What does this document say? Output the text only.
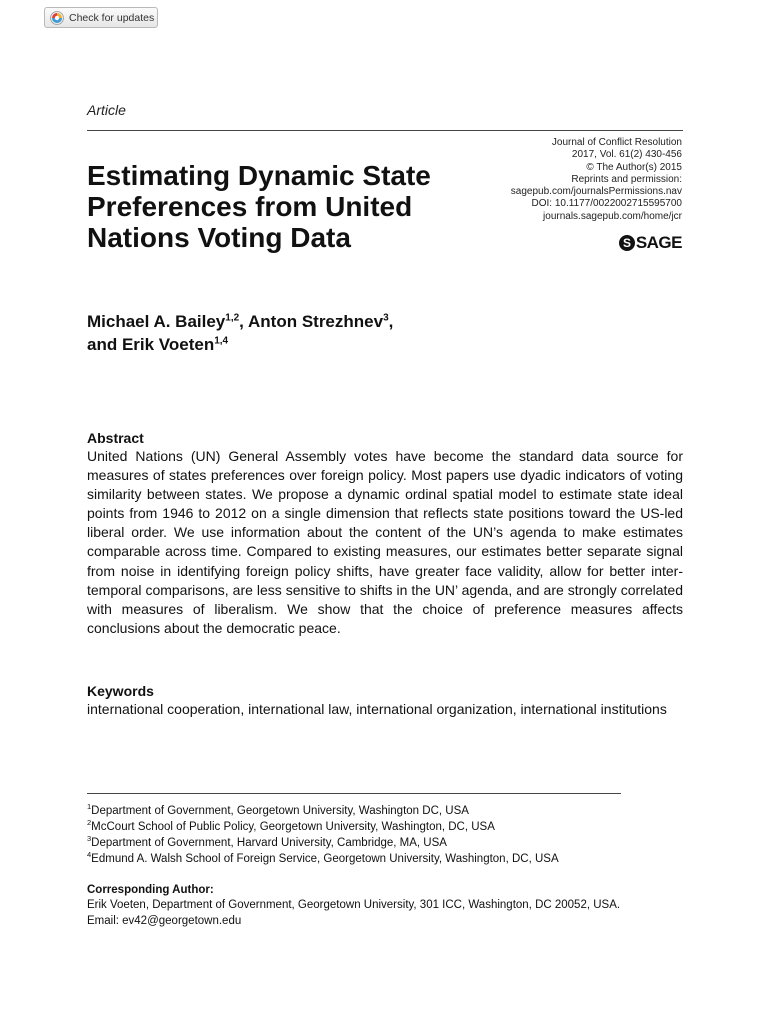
Check for updates
Article
Estimating Dynamic State Preferences from United Nations Voting Data
Journal of Conflict Resolution
2017, Vol. 61(2) 430-456
© The Author(s) 2015
Reprints and permission:
sagepub.com/journalsPermissions.nav
DOI: 10.1177/0022002715595700
journals.sagepub.com/home/jcr
S SAGE

Michael A. Bailey$^{1,2}$, Anton Strezhnev$^3$,
and Erik Voeten$^{1,4}$

Abstract

United Nations (UN) General Assembly votes have become the standard data source for measures of states preferences over foreign policy. Most papers use dyadic indicators of voting similarity between states. We propose a dynamic ordinal spatial model to estimate state ideal points from 1946 to 2012 on a single dimension that reflects state positions toward the US-led liberal order. We use information about the content of the UN’s agenda to make estimates comparable across time. Compared to existing measures, our estimates better separate signal from noise in identifying foreign policy shifts, have greater face validity, allow for better inter-temporal comparisons, are less sensitive to shifts in the UN’ agenda, and are strongly correlated with measures of liberalism. We show that the choice of preference measures affects conclusions about the democratic peace.

Keywords

international cooperation, international law, international organization, international institutions

$^1$Department of Government, Georgetown University, Washington DC, USA
$^2$McCourt School of Public Policy, Georgetown University, Washington, DC, USA
$^3$Department of Government, Harvard University, Cambridge, MA, USA
$^4$Edmund A. Walsh School of Foreign Service, Georgetown University, Washington, DC, USA
Corresponding Author:
Erik Voeten, Department of Government, Georgetown University, 301 ICC, Washington, DC 20052, USA.
Email: ev42@georgetown.edu
